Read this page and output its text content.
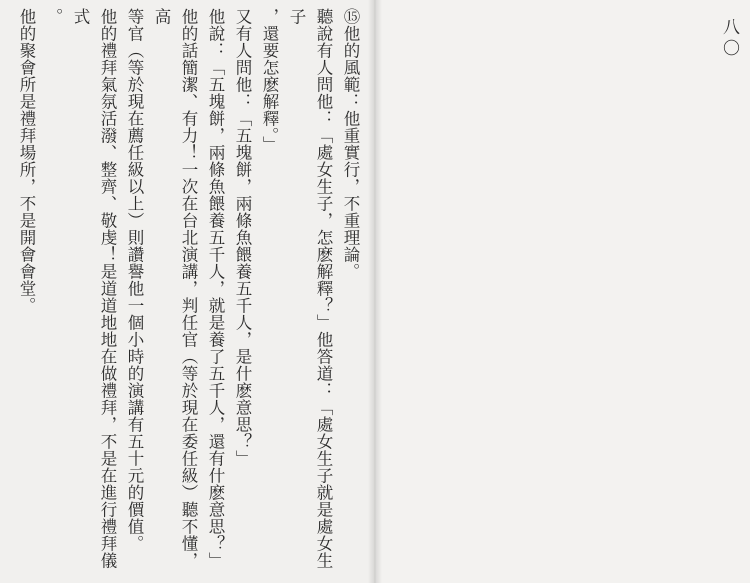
⑮他的風範：他重實行，不重理論。
聽說有人問他：「處女生子，怎麽解釋？」他答道：「處女生子就是處女生子
，還要怎麽解釋。」
又有人問他：「五塊餅，兩條魚餵養五千人，是什麽意思？」
他說：「五塊餅，兩條魚餵養五千人，就是養了五千人，還有什麽意思？」
他的話簡潔、有力！一次在台北演講，判任官（等於現在委任級）聽不懂，高
等官（等於現在薦任級以上）則讚譽他一個小時的演講有五十元的價值。
他的禮拜氣氛活潑、整齊、敬虔！是道道地地在做禮拜，不是在進行禮拜儀式
。
他的聚會所是禮拜場所，不是開會會堂。	八〇
